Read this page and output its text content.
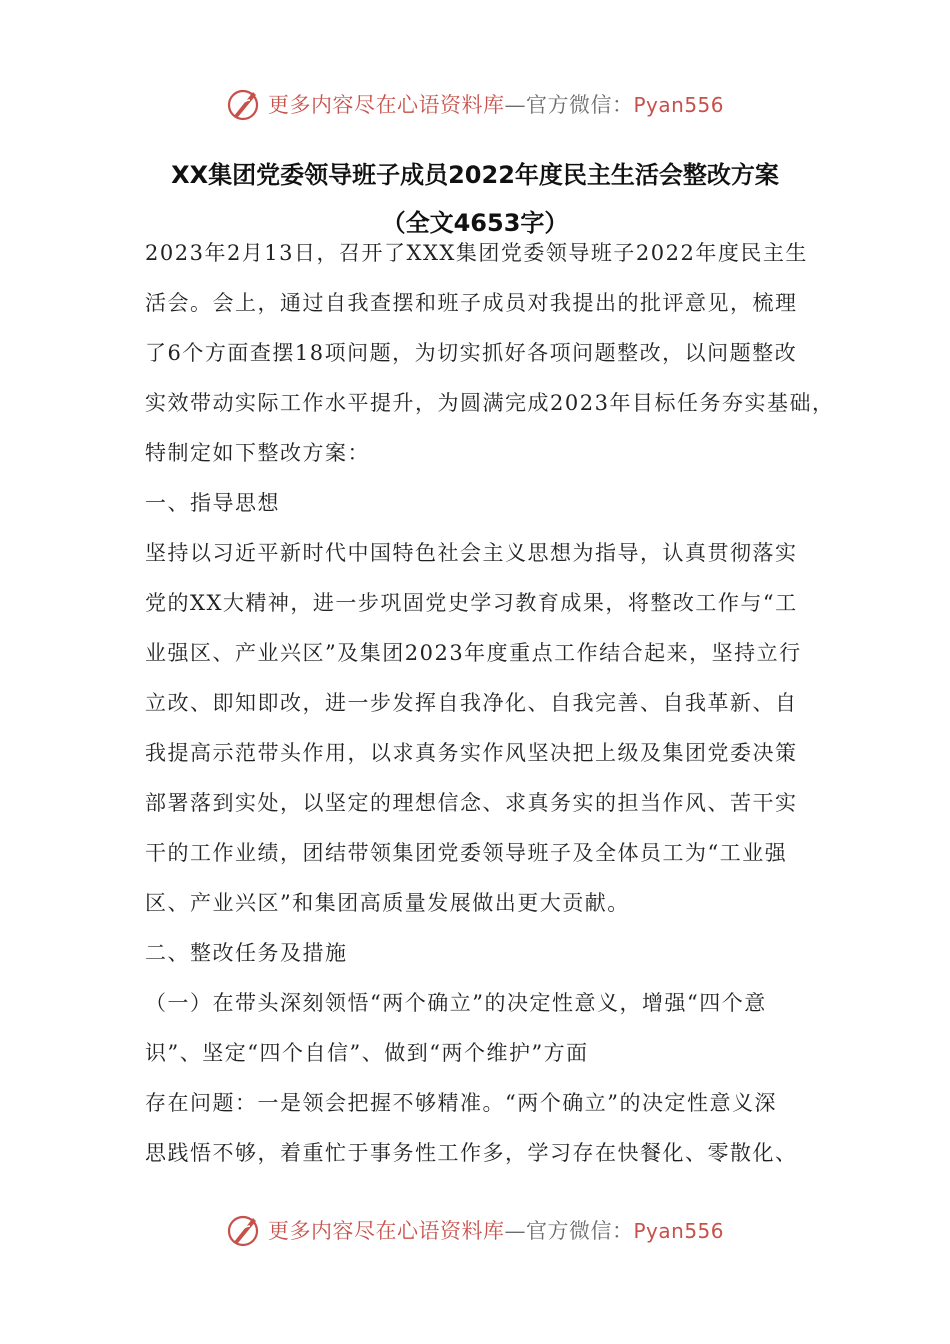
更多内容尽在心语资料库—官方微信：Pyan556
XX集团党委领导班子成员2022年度民主生活会整改方案
（全文4653字）
2023年2月13日，召开了XXX集团党委领导班子2022年度民主生
活会。会上，通过自我查摆和班子成员对我提出的批评意见，梳理
了6个方面查摆18项问题，为切实抓好各项问题整改，以问题整改
实效带动实际工作水平提升，为圆满完成2023年目标任务夯实基础，
特制定如下整改方案：
一、指导思想
坚持以习近平新时代中国特色社会主义思想为指导，认真贯彻落实
党的XX大精神，进一步巩固党史学习教育成果，将整改工作与“工
业强区、产业兴区”及集团2023年度重点工作结合起来，坚持立行
立改、即知即改，进一步发挥自我净化、自我完善、自我革新、自
我提高示范带头作用，以求真务实作风坚决把上级及集团党委决策
部署落到实处，以坚定的理想信念、求真务实的担当作风、苦干实
干的工作业绩，团结带领集团党委领导班子及全体员工为“工业强
区、产业兴区”和集团高质量发展做出更大贡献。
二、整改任务及措施
（一）在带头深刻领悟“两个确立”的决定性意义，增强“四个意
识”、坚定“四个自信”、做到“两个维护”方面
存在问题：一是领会把握不够精准。“两个确立”的决定性意义深
思践悟不够，着重忙于事务性工作多，学习存在快餐化、零散化、
更多内容尽在心语资料库—官方微信：Pyan556
